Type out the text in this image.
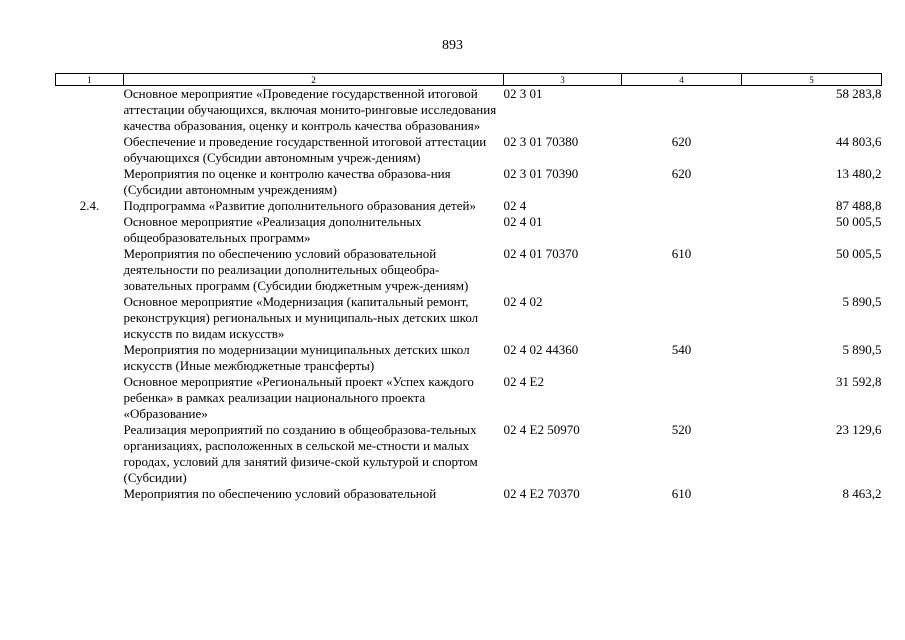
893
1	2	3	4	5
	Основное мероприятие «Проведение государственной итоговой аттестации обучающихся, включая монито-ринговые исследования качества образования, оценку и контроль качества образования»	02 3 01		58 283,8
	Обеспечение и проведение государственной итоговой аттестации обучающихся (Субсидии автономным учреж-дениям)	02 3 01 70380	620	44 803,6
	Мероприятия по оценке и контролю качества образова-ния (Субсидии автономным учреждениям)	02 3 01 70390	620	13 480,2
2.4.	Подпрограмма «Развитие дополнительного образования детей»	02 4		87 488,8
	Основное мероприятие «Реализация дополнительных общеобразовательных программ»	02 4 01		50 005,5
	Мероприятия по обеспечению условий образовательной деятельности по реализации дополнительных общеобра-зовательных программ (Субсидии бюджетным учреж-дениям)	02 4 01 70370	610	50 005,5
	Основное мероприятие «Модернизация (капитальный ремонт, реконструкция) региональных и муниципаль-ных детских школ искусств по видам искусств»	02 4 02		5 890,5
	Мероприятия по модернизации муниципальных детских школ искусств (Иные межбюджетные трансферты)	02 4 02 44360	540	5 890,5
	Основное мероприятие «Региональный проект «Успех каждого ребенка» в рамках реализации национального проекта «Образование»	02 4 E2		31 592,8
	Реализация мероприятий по созданию в общеобразова-тельных организациях, расположенных в сельской ме-стности и малых городах, условий для занятий физиче-ской культурой и спортом (Субсидии)	02 4 E2 50970	520	23 129,6
	Мероприятия по обеспечению условий образовательной	02 4 E2 70370	610	8 463,2
